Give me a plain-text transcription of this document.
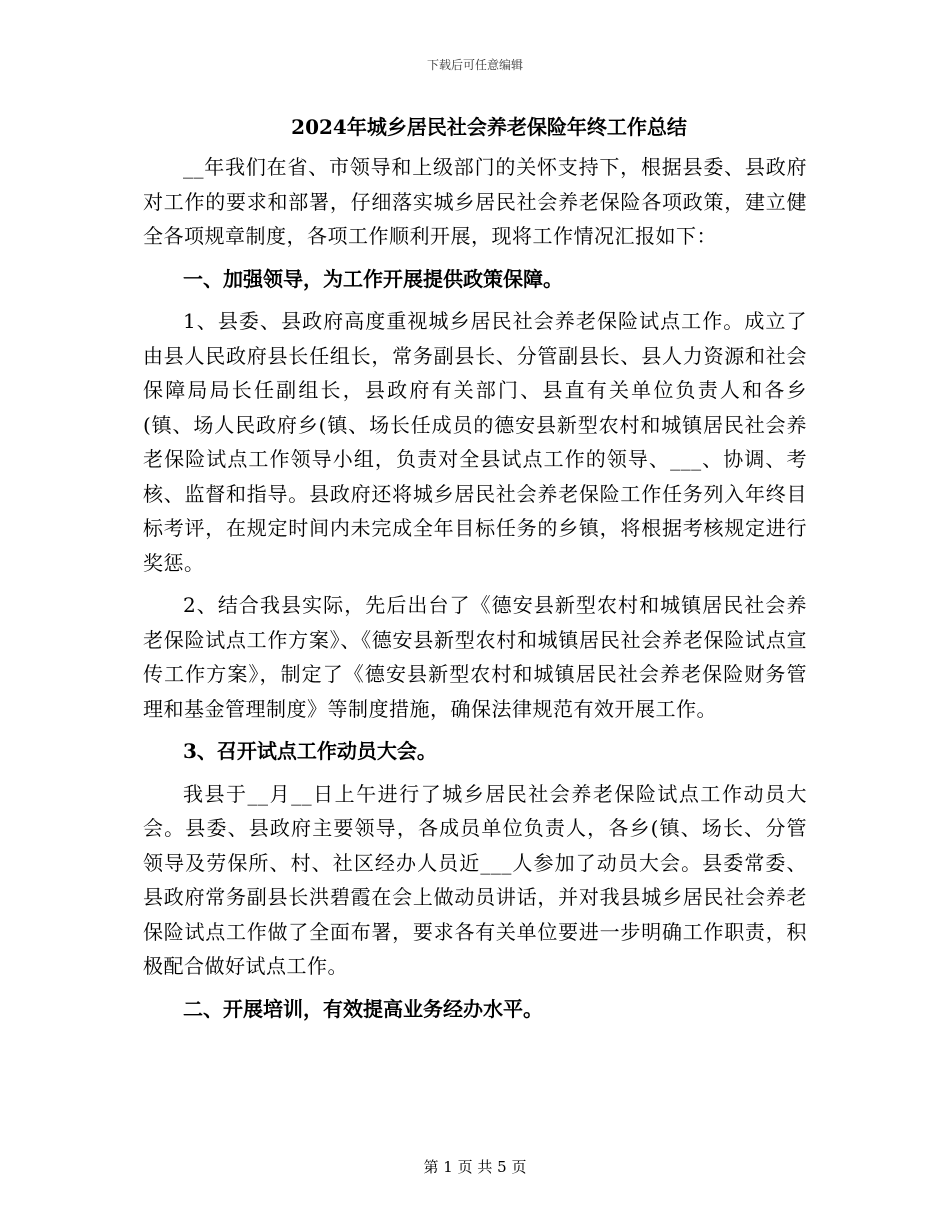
下载后可任意编辑
2024年城乡居民社会养老保险年终工作总结

__年我们在省、市领导和上级部门的关怀支持下，根据县委、县政府对工作的要求和部署，仔细落实城乡居民社会养老保险各项政策，建立健全各项规章制度，各项工作顺利开展，现将工作情况汇报如下：

一、加强领导，为工作开展提供政策保障。

1、县委、县政府高度重视城乡居民社会养老保险试点工作。成立了由县人民政府县长任组长，常务副县长、分管副县长、县人力资源和社会保障局局长任副组长，县政府有关部门、县直有关单位负责人和各乡(镇、场人民政府乡(镇、场长任成员的德安县新型农村和城镇居民社会养老保险试点工作领导小组，负责对全县试点工作的领导、___、协调、考核、监督和指导。县政府还将城乡居民社会养老保险工作任务列入年终目标考评，在规定时间内未完成全年目标任务的乡镇，将根据考核规定进行奖惩。

2、结合我县实际，先后出台了《德安县新型农村和城镇居民社会养老保险试点工作方案》、《德安县新型农村和城镇居民社会养老保险试点宣传工作方案》，制定了《德安县新型农村和城镇居民社会养老保险财务管理和基金管理制度》等制度措施，确保法律规范有效开展工作。

3、召开试点工作动员大会。

我县于__月__日上午进行了城乡居民社会养老保险试点工作动员大会。县委、县政府主要领导，各成员单位负责人，各乡(镇、场长、分管领导及劳保所、村、社区经办人员近___人参加了动员大会。县委常委、县政府常务副县长洪碧霞在会上做动员讲话，并对我县城乡居民社会养老保险试点工作做了全面布署，要求各有关单位要进一步明确工作职责，积极配合做好试点工作。

二、开展培训，有效提高业务经办水平。

第 1 页 共 5 页
